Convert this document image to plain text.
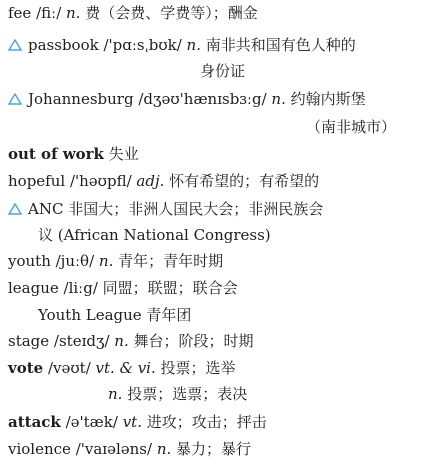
fee /fiː/ n. 费（会费、学费等）；酬金
passbook /'pɑːsˌbʊk/ n. 南非共和国有色人种的
身份证
Johannesburg /dʒəʊ'hænɪsbɜːg/ n. 约翰内斯堡
（南非城市）
out of work 失业
hopeful /'həʊpfl/ adj. 怀有希望的；有希望的
ANC 非国大；非洲人国民大会；非洲民族会
议 (African National Congress)
youth /juːθ/ n. 青年；青年时期
league /liːg/ 同盟；联盟；联合会
Youth League 青年团
stage /steɪdʒ/ n. 舞台；阶段；时期
vote /vəʊt/ vt. & vi. 投票；选举
n. 投票；选票；表决
attack /ə'tæk/ vt. 进攻；攻击；抨击
violence /'vaɪələns/ n. 暴力；暴行
